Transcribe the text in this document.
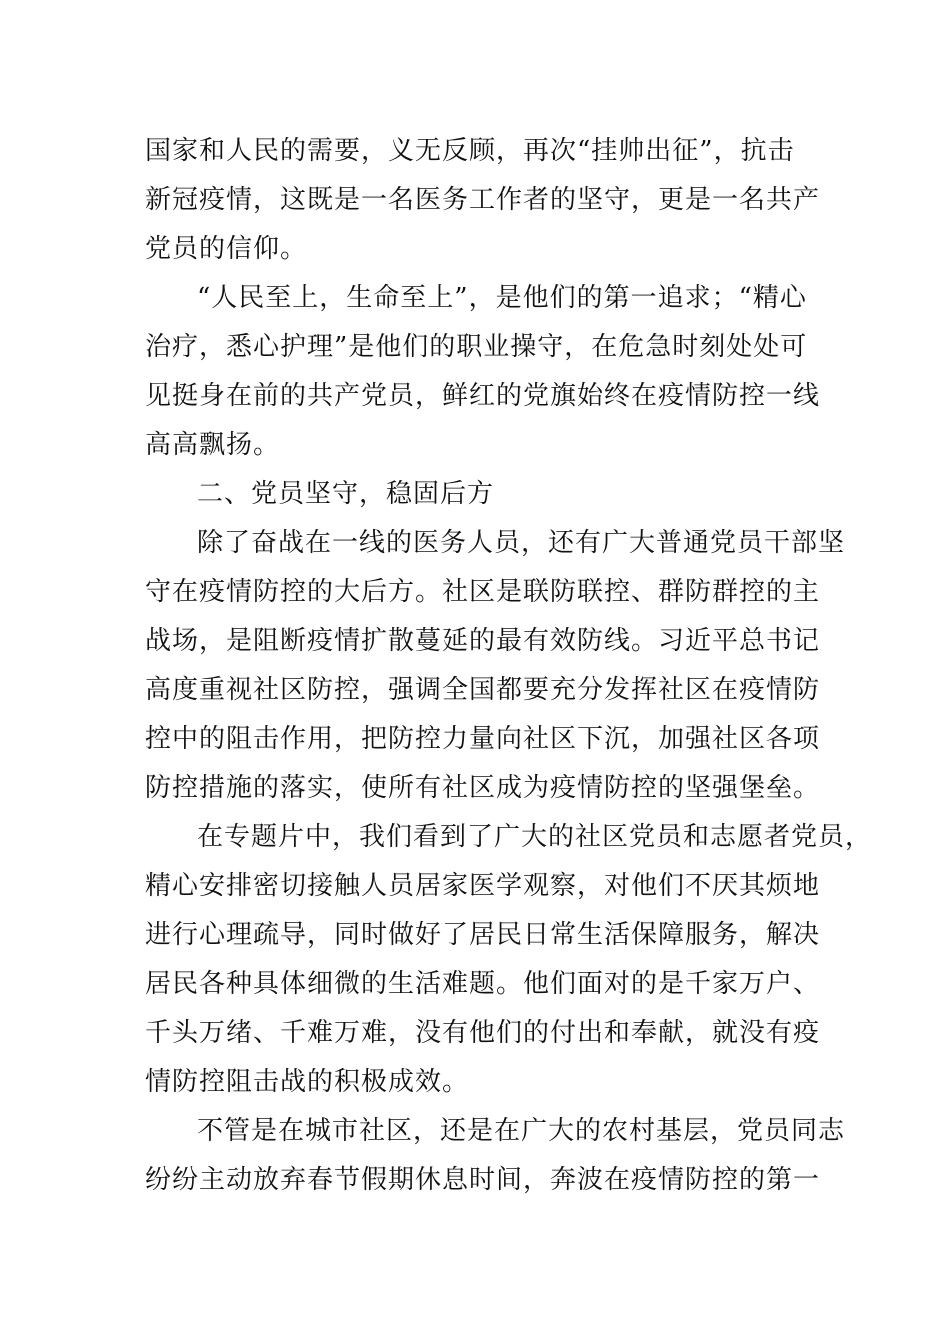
国家和人民的需要，义无反顾，再次“挂帅出征”，抗击
新冠疫情，这既是一名医务工作者的坚守，更是一名共产
党员的信仰。
“人民至上，生命至上”，是他们的第一追求；“精心
治疗，悉心护理”是他们的职业操守，在危急时刻处处可
见挺身在前的共产党员，鲜红的党旗始终在疫情防控一线
高高飘扬。
二、党员坚守，稳固后方
除了奋战在一线的医务人员，还有广大普通党员干部坚
守在疫情防控的大后方。社区是联防联控、群防群控的主
战场，是阻断疫情扩散蔓延的最有效防线。习近平总书记
高度重视社区防控，强调全国都要充分发挥社区在疫情防
控中的阻击作用，把防控力量向社区下沉，加强社区各项
防控措施的落实，使所有社区成为疫情防控的坚强堡垒。
在专题片中，我们看到了广大的社区党员和志愿者党员，
精心安排密切接触人员居家医学观察，对他们不厌其烦地
进行心理疏导，同时做好了居民日常生活保障服务，解决
居民各种具体细微的生活难题。他们面对的是千家万户、
千头万绪、千难万难，没有他们的付出和奉献，就没有疫
情防控阻击战的积极成效。
不管是在城市社区，还是在广大的农村基层，党员同志
纷纷主动放弃春节假期休息时间，奔波在疫情防控的第一
